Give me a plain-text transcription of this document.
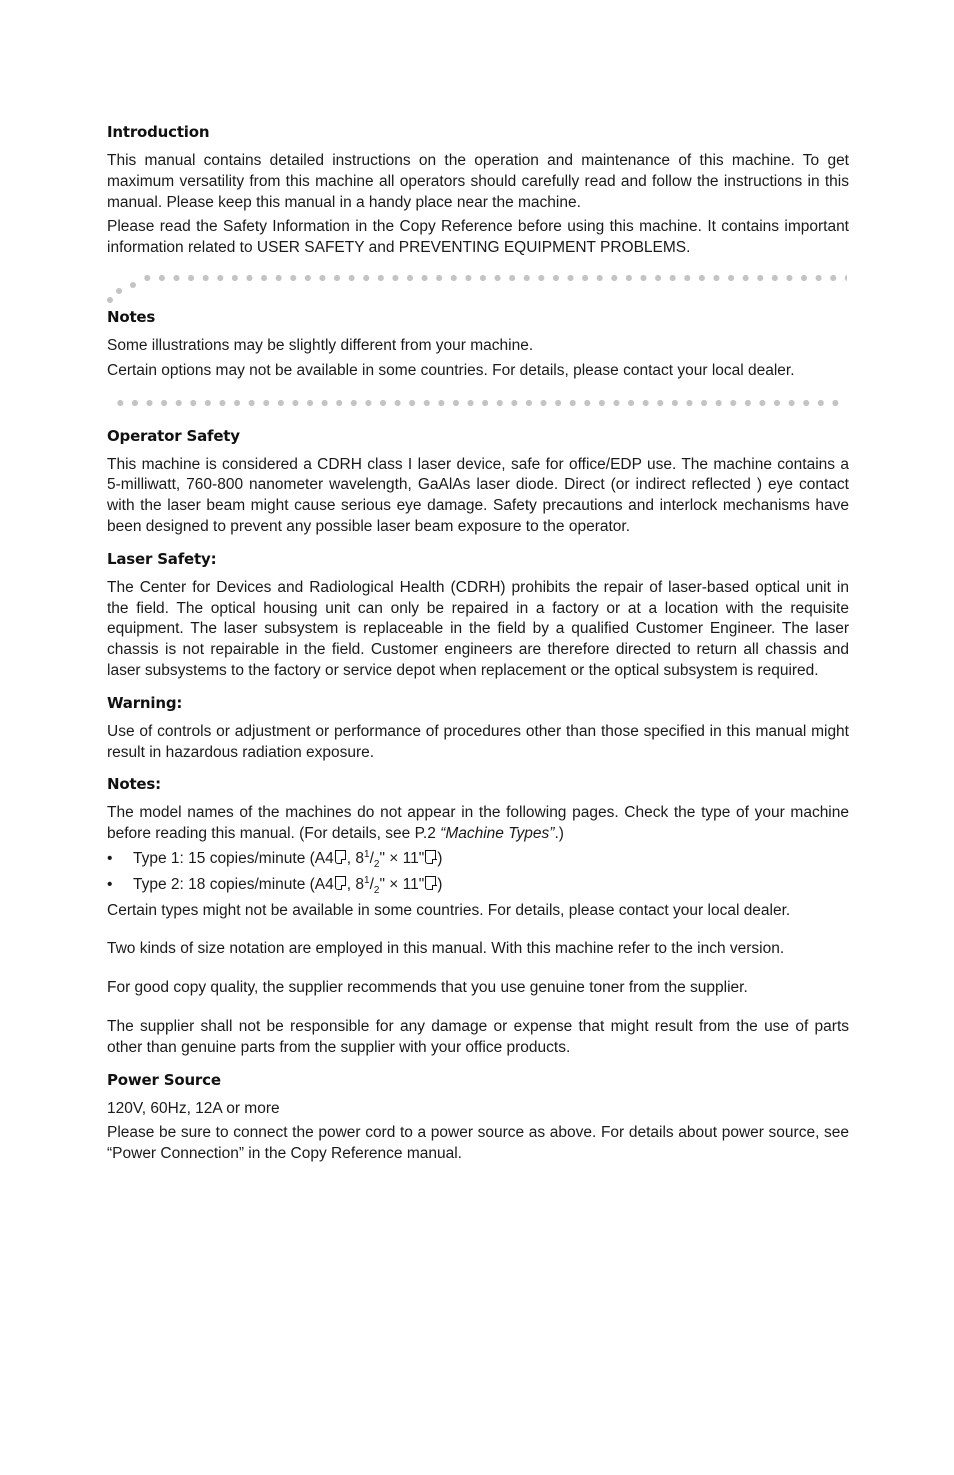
Introduction

This manual contains detailed instructions on the operation and maintenance of this machine. To get maximum versatility from this machine all operators should carefully read and follow the instructions in this manual. Please keep this manual in a handy place near the machine.

Please read the Safety Information in the Copy Reference before using this machine. It contains important information related to USER SAFETY and PREVENTING EQUIPMENT PROBLEMS.

Notes

Some illustrations may be slightly different from your machine.

Certain options may not be available in some countries. For details, please contact your local dealer.

Operator Safety

This machine is considered a CDRH class I laser device, safe for office/EDP use. The machine contains a 5-milliwatt, 760-800 nanometer wavelength, GaAlAs laser diode. Direct (or indirect reflected ) eye contact with the laser beam might cause serious eye damage. Safety precautions and interlock mechanisms have been designed to prevent any possible laser beam exposure to the operator.

Laser Safety:

The Center for Devices and Radiological Health (CDRH) prohibits the repair of laser-based optical unit in the field. The optical housing unit can only be repaired in a factory or at a location with the requisite equipment. The laser subsystem is replaceable in the field by a qualified Customer Engineer. The laser chassis is not repairable in the field. Customer engineers are therefore directed to return all chassis and laser subsystems to the factory or service depot when replacement or the optical subsystem is required.

Warning:

Use of controls or adjustment or performance of procedures other than those specified in this manual might result in hazardous radiation exposure.

Notes:

The model names of the machines do not appear in the following pages. Check the type of your machine before reading this manual. (For details, see P.2 “Machine Types”.)

• Type 1: 15 copies/minute (A4 , $8^1/_2$" × 11" )
• Type 2: 18 copies/minute (A4 , $8^1/_2$" × 11" )

Certain types might not be available in some countries. For details, please contact your local dealer.

Two kinds of size notation are employed in this manual. With this machine refer to the inch version.

For good copy quality, the supplier recommends that you use genuine toner from the supplier.

The supplier shall not be responsible for any damage or expense that might result from the use of parts other than genuine parts from the supplier with your office products.

Power Source

120V, 60Hz, 12A or more

Please be sure to connect the power cord to a power source as above. For details about power source, see “Power Connection” in the Copy Reference manual.
